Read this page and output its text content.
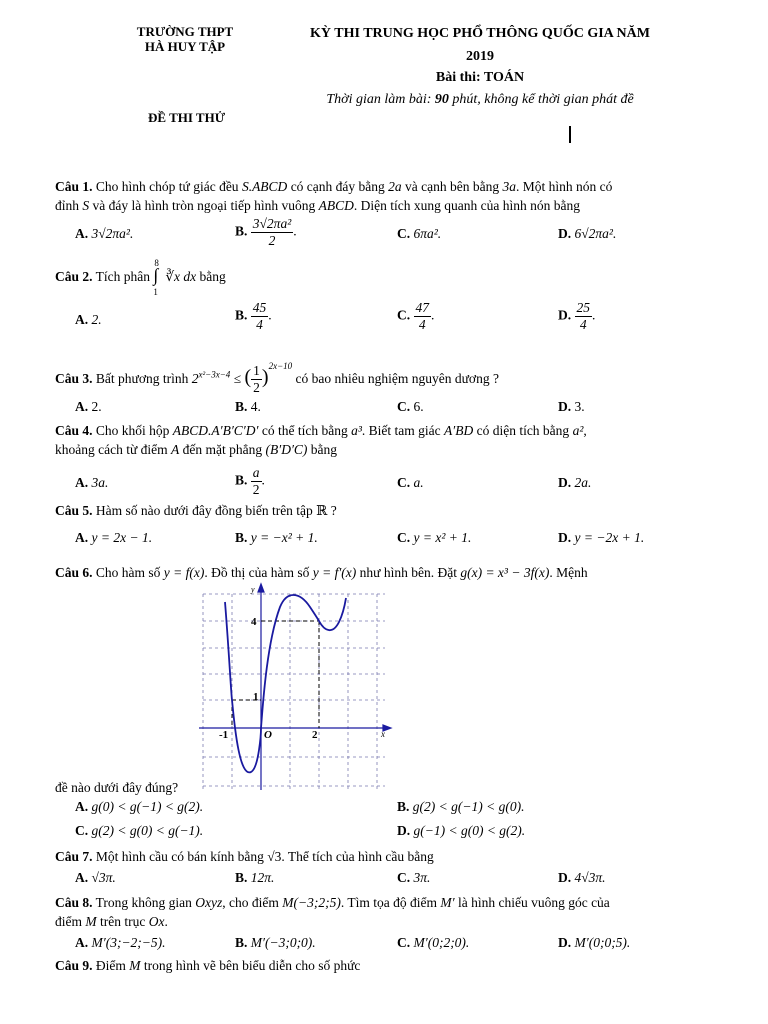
TRƯỜNG THPT
HÀ HUY TẬP
KỲ THI TRUNG HỌC PHỔ THÔNG QUỐC GIA NĂM
2019
Bài thi: TOÁN
Thời gian làm bài: 90 phút, không kể thời gian phát đề
ĐỀ THI THỬ
Câu 1. Cho hình chóp tứ giác đều S.ABCD có cạnh đáy bằng 2a và cạnh bên bằng 3a. Một hình nón có
đỉnh S và đáy là hình tròn ngoại tiếp hình vuông ABCD. Diện tích xung quanh của hình nón bằng
A. 3√2πa².	B. $\frac{\text{3√2πa²}}{2}$ .	C. 6πa².	D. 6√2πa².
Câu 2. Tích phân
8
∫
1
∛x dx bằng
A. 2.	B. $\frac{45}{4}$ .	C. $\frac{47}{4}$ .	D. $\frac{25}{4}$ .
Câu 3. Bất phương trình $2^{x^2-3x-4}$ ≤ ( $\frac{1}{2} )^{2x-10}$ có bao nhiêu nghiệm nguyên dương ?
A. 2.	B. 4.	C. 6.	D. 3.
Câu 4. Cho khối hộp ABCD.A′B′C′D′ có thể tích bằng a³. Biết tam giác A′BD có diện tích bằng a²,
khoảng cách từ điểm A đến mặt phẳng (B′D′C) bằng
A. 3a.	B. $\frac{a}{2}$ .	C. a.	D. 2a.
Câu 5. Hàm số nào dưới đây đồng biến trên tập ℝ ?
A. y = 2x − 1.	B. y = −x² + 1.	C. y = x² + 1.	D. y = −2x + 1.
Câu 6. Cho hàm số y = f(x). Đồ thị của hàm số y = f′(x) như hình bên. Đặt g(x) = x³ − 3f(x). Mệnh
y
x
O
4
1
-1	2
đề nào dưới đây đúng?
A. g(0) < g(−1) < g(2).	B. g(2) < g(−1) < g(0).
C. g(2) < g(0) < g(−1).	D. g(−1) < g(0) < g(2).
Câu 7. Một hình cầu có bán kính bằng √3. Thể tích của hình cầu bằng
A. √3π.	B. 12π.	C. 3π.	D. 4√3π.
Câu 8. Trong không gian Oxyz, cho điểm M(−3;2;5). Tìm tọa độ điểm M′ là hình chiếu vuông góc của
điểm M trên trục Ox.
A. M′(3;−2;−5).	B. M′(−3;0;0).	C. M′(0;2;0).	D. M′(0;0;5).
Câu 9. Điểm M trong hình vẽ bên biểu diễn cho số phức
